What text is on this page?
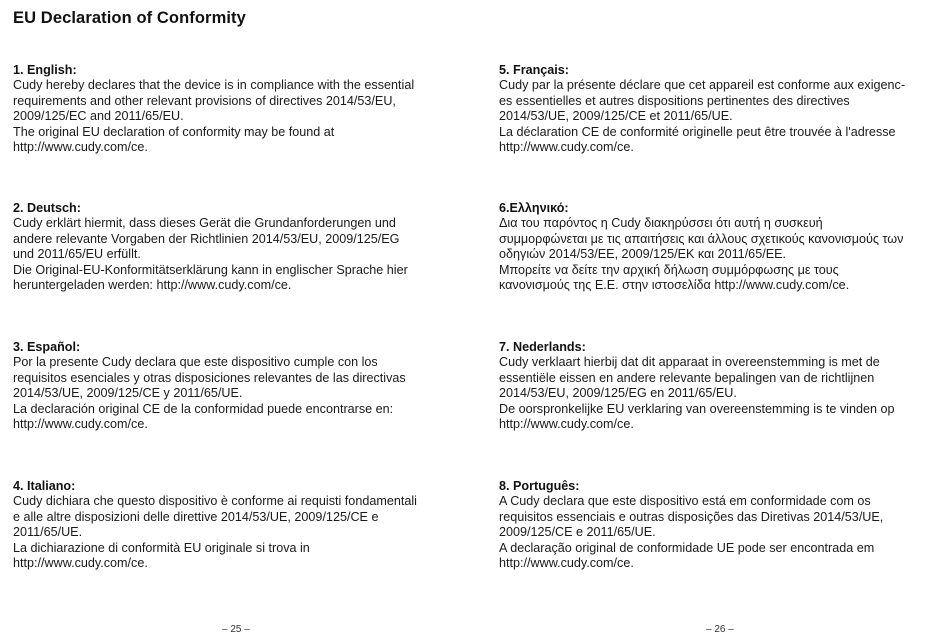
EU Declaration of Conformity

1. English:

Cudy hereby declares that the device is in compliance with the essential

requirements and other relevant provisions of directives 2014/53/EU,

2009/125/EC and 2011/65/EU.

The original EU declaration of conformity may be found at

http://www.cudy.com/ce.

2. Deutsch:

Cudy erklärt hiermit, dass dieses Gerät die Grundanforderungen und

andere relevante Vorgaben der Richtlinien 2014/53/EU, 2009/125/EG

und 2011/65/EU erfüllt.

Die Original-EU-Konformitätserklärung kann in englischer Sprache hier

heruntergeladen werden: http://www.cudy.com/ce.

3. Español:

Por la presente Cudy declara que este dispositivo cumple con los

requisitos esenciales y otras disposiciones relevantes de las directivas

2014/53/UE, 2009/125/CE y 2011/65/UE.

La declaración original CE de la conformidad puede encontrarse en:

http://www.cudy.com/ce.

4. Italiano:

Cudy dichiara che questo dispositivo è conforme ai requisti fondamentali

e alle altre disposizioni delle direttive 2014/53/UE, 2009/125/CE e

2011/65/UE.

La dichiarazione di conformità EU originale si trova in

http://www.cudy.com/ce.

5. Français:

Cudy par la présente déclare que cet appareil est conforme aux exigenc-

es essentielles et autres dispositions pertinentes des directives

2014/53/UE, 2009/125/CE et 2011/65/UE.

La déclaration CE de conformité originelle peut être trouvée à l'adresse

http://www.cudy.com/ce.

6.Ελληνικό:

Δια του παρόντος η Cudy διακηρύσσει ότι αυτή η συσκευή

συμμορφώνεται με τις απαιτήσεις και άλλους σχετικούς κανονισμούς των

οδηγιών 2014/53/ΕΕ, 2009/125/ΕΚ και 2011/65/ΕΕ.

Μπορείτε να δείτε την αρχική δήλωση συμμόρφωσης με τους

κανονισμούς της Ε.Ε. στην ιστοσελίδα http://www.cudy.com/ce.

7. Nederlands:

Cudy verklaart hierbij dat dit apparaat in overeenstemming is met de

essentiële eissen en andere relevante bepalingen van de richtlijnen

2014/53/EU, 2009/125/EG en 2011/65/EU.

De oorspronkelijke EU verklaring van overeenstemming is te vinden op

http://www.cudy.com/ce.

8. Português:

A Cudy declara que este dispositivo está em conformidade com os

requisitos essenciais e outras disposições das Diretivas 2014/53/UE,

2009/125/CE e 2011/65/UE.

A declaração original de conformidade UE pode ser encontrada em

http://www.cudy.com/ce.

– 25 –	– 26 –
